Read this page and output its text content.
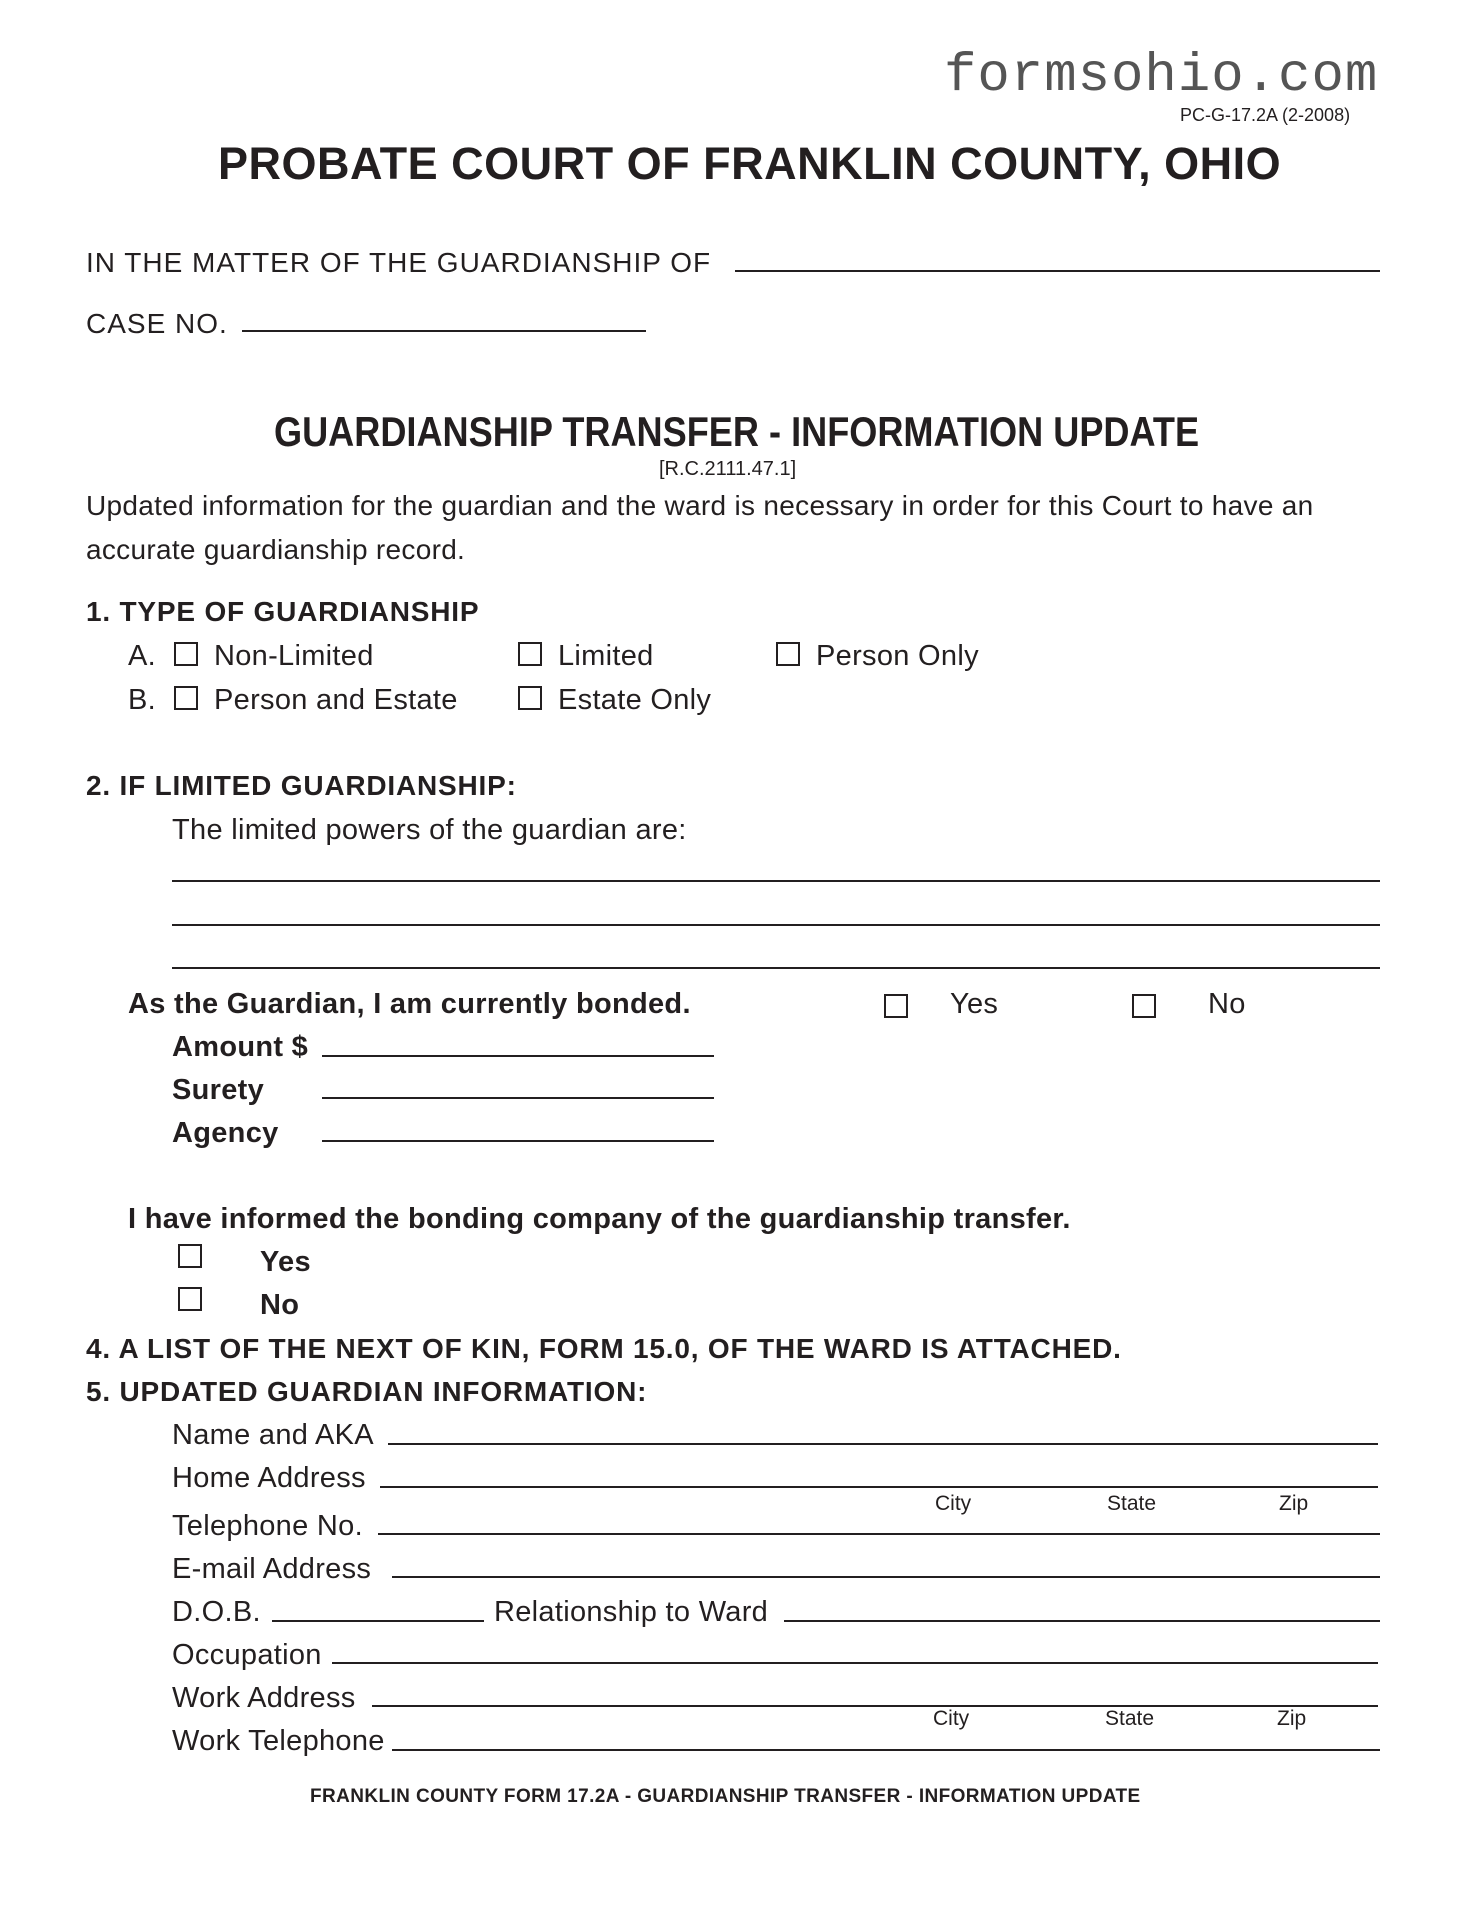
formsohio.com
PC-G-17.2A (2-2008)
PROBATE COURT OF FRANKLIN COUNTY, OHIO
IN THE MATTER OF THE GUARDIANSHIP OF
CASE NO.
GUARDIANSHIP TRANSFER - INFORMATION UPDATE
[R.C.2111.47.1]
Updated information for the guardian and the ward is necessary in order for this Court to have an accurate guardianship record.
1. TYPE OF GUARDIANSHIP
A. Non-Limited	Limited	Person Only
B. Person and Estate	Estate Only
2. IF LIMITED GUARDIANSHIP:
The limited powers of the guardian are:
As the Guardian, I am currently bonded.	Yes	No
Amount $
Surety
Agency
I have informed the bonding company of the guardianship transfer.
Yes
No
4. A LIST OF THE NEXT OF KIN, FORM 15.0, OF THE WARD IS ATTACHED.
5. UPDATED GUARDIAN INFORMATION:
Name and AKA
Home Address
City	State	Zip
Telephone No.
E-mail Address
D.O.B.	Relationship to Ward
Occupation
Work Address
City	State	Zip
Work Telephone
FRANKLIN COUNTY FORM 17.2A - GUARDIANSHIP TRANSFER - INFORMATION UPDATE
